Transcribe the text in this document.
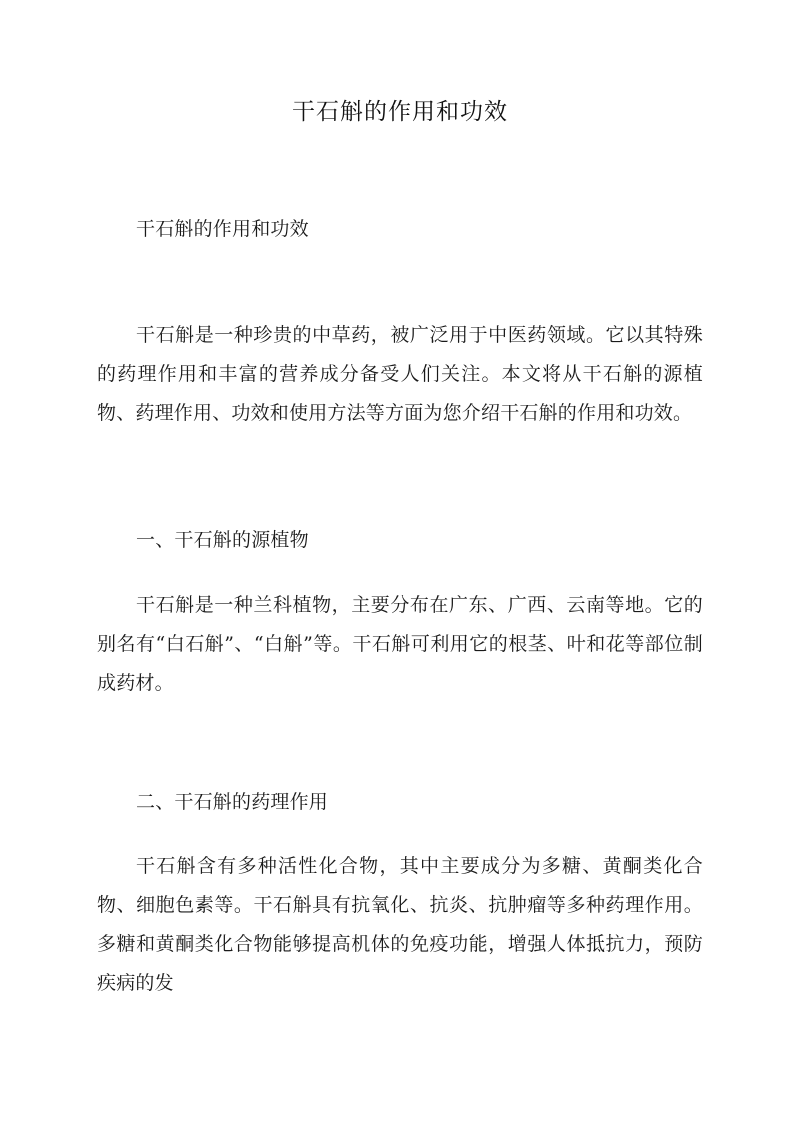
干石斛的作用和功效
干石斛的作用和功效
干石斛是一种珍贵的中草药，被广泛用于中医药领域。它以其特殊的药理作用和丰富的营养成分备受人们关注。本文将从干石斛的源植物、药理作用、功效和使用方法等方面为您介绍干石斛的作用和功效。
一、干石斛的源植物
干石斛是一种兰科植物，主要分布在广东、广西、云南等地。它的别名有“白石斛”、“白斛”等。干石斛可利用它的根茎、叶和花等部位制成药材。
二、干石斛的药理作用
干石斛含有多种活性化合物，其中主要成分为多糖、黄酮类化合物、细胞色素等。干石斛具有抗氧化、抗炎、抗肿瘤等多种药理作用。多糖和黄酮类化合物能够提高机体的免疫功能，增强人体抵抗力，预防疾病的发
